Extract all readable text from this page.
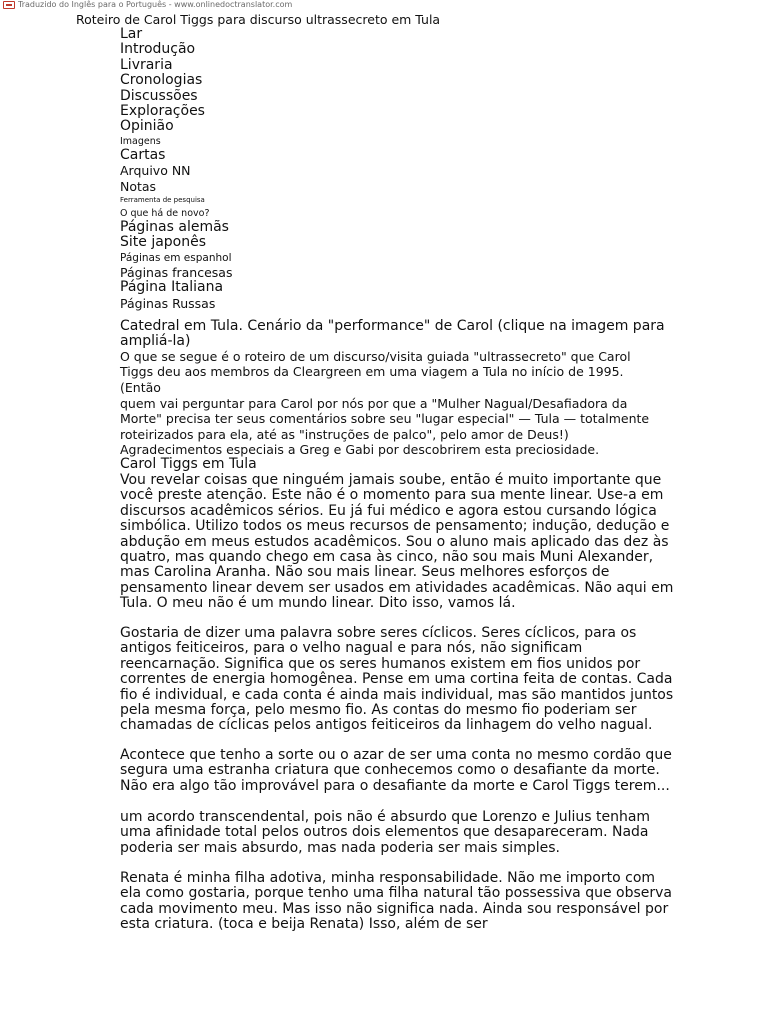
Traduzido do Inglês para o Português - www.onlinedoctranslator.com
Roteiro de Carol Tiggs para discurso ultrassecreto em Tula
Lar
Introdução
Livraria
Cronologias
Discussões
Explorações
Opinião
Imagens
Cartas
Arquivo NN
Notas
Ferramenta de pesquisa
O que há de novo?
Páginas alemãs
Site japonês
Páginas em espanhol
Páginas francesas
Página Italiana
Páginas Russas

Catedral em Tula. Cenário da "performance" de Carol (clique na imagem para ampliá-la)

O que se segue é o roteiro de um discurso/visita guiada "ultrassecreto" que Carol Tiggs deu aos membros da Cleargreen em uma viagem a Tula no início de 1995. (Então

quem vai perguntar para Carol por nós por que a "Mulher Nagual/Desafiadora da Morte" precisa ter seus comentários sobre seu "lugar especial" — Tula — totalmente roteirizados para ela, até as "instruções de palco", pelo amor de Deus!) Agradecimentos especiais a Greg e Gabi por descobrirem esta preciosidade.

Carol Tiggs em Tula

Vou revelar coisas que ninguém jamais soube, então é muito importante que você preste atenção. Este não é o momento para sua mente linear. Use-a em discursos acadêmicos sérios. Eu já fui médico e agora estou cursando lógica simbólica. Utilizo todos os meus recursos de pensamento; indução, dedução e abdução em meus estudos acadêmicos. Sou o aluno mais aplicado das dez às quatro, mas quando chego em casa às cinco, não sou mais Muni Alexander, mas Carolina Aranha. Não sou mais linear. Seus melhores esforços de pensamento linear devem ser usados em atividades acadêmicas. Não aqui em Tula. O meu não é um mundo linear. Dito isso, vamos lá.

Gostaria de dizer uma palavra sobre seres cíclicos. Seres cíclicos, para os antigos feiticeiros, para o velho nagual e para nós, não significam reencarnação. Significa que os seres humanos existem em fios unidos por correntes de energia homogênea. Pense em uma cortina feita de contas. Cada fio é individual, e cada conta é ainda mais individual, mas são mantidos juntos pela mesma força, pelo mesmo fio. As contas do mesmo fio poderiam ser chamadas de cíclicas pelos antigos feiticeiros da linhagem do velho nagual.

Acontece que tenho a sorte ou o azar de ser uma conta no mesmo cordão que segura uma estranha criatura que conhecemos como o desafiante da morte. Não era algo tão improvável para o desafiante da morte e Carol Tiggs terem...

um acordo transcendental, pois não é absurdo que Lorenzo e Julius tenham uma afinidade total pelos outros dois elementos que desapareceram. Nada poderia ser mais absurdo, mas nada poderia ser mais simples.

Renata é minha filha adotiva, minha responsabilidade. Não me importo com ela como gostaria, porque tenho uma filha natural tão possessiva que observa cada movimento meu. Mas isso não significa nada. Ainda sou responsável por esta criatura. (toca e beija Renata) Isso, além de ser
